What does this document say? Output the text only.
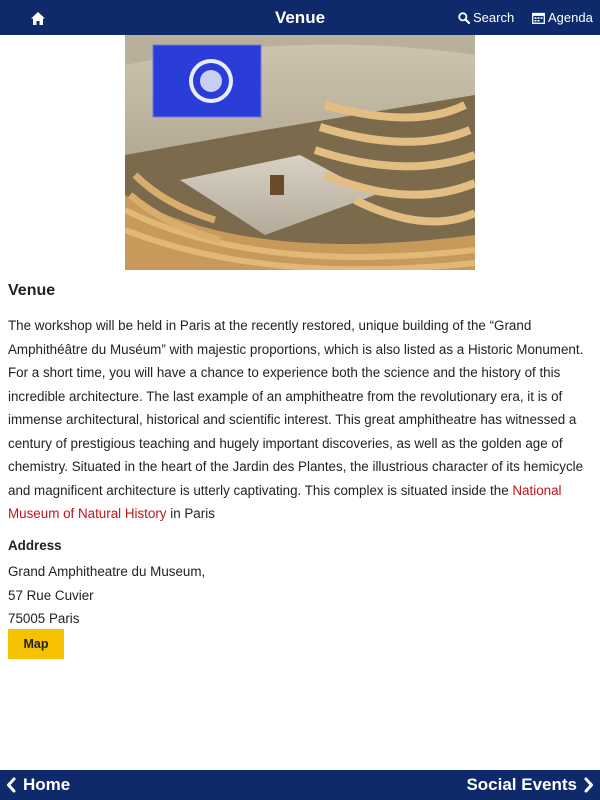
Venue	Search	Agenda
Venue

The workshop will be held in Paris at the recently restored, unique building of the “Grand Amphithéâtre du Muséum” with majestic proportions, which is also listed as a Historic Monument. For a short time, you will have a chance to experience both the science and the history of this incredible architecture. The last example of an amphitheatre from the revolutionary era, it is of immense architectural, historical and scientific interest. This great amphitheatre has witnessed a century of prestigious teaching and hugely important discoveries, as well as the golden age of chemistry. Situated in the heart of the Jardin des Plantes, the illustrious character of its hemicycle and magnificent architecture is utterly captivating. This complex is situated inside the National Museum of Natural History in Paris

Address
Grand Amphitheatre du Museum,
57 Rue Cuvier
75005 Paris
Map
Home	Social Events
